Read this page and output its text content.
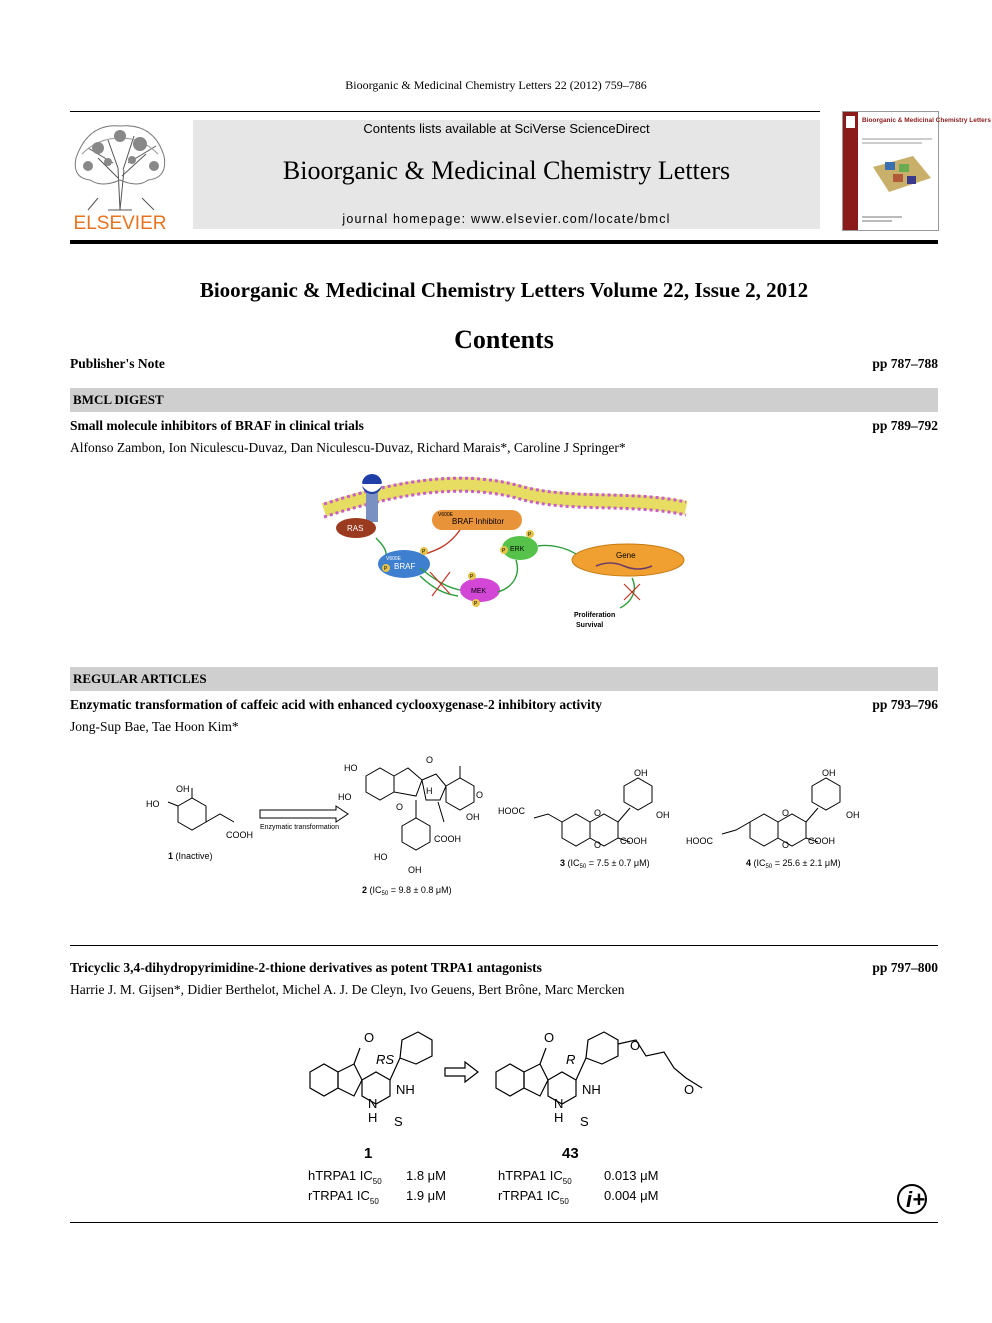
Bioorganic & Medicinal Chemistry Letters 22 (2012) 759–786
ELSEVIER
Contents lists available at SciVerse ScienceDirect
Bioorganic & Medicinal Chemistry Letters
journal homepage: www.elsevier.com/locate/bmcl
Bioorganic & Medicinal Chemistry Letters
Bioorganic & Medicinal Chemistry Letters Volume 22, Issue 2, 2012
Contents
Publisher's Note	pp 787–788
BMCL DIGEST
Small molecule inhibitors of BRAF in clinical trials	pp 789–792
Alfonso Zambon, Ion Niculescu-Duvaz, Dan Niculescu-Duvaz, Richard Marais*, Caroline J Springer*
RAS
V600E
BRAF Inhibitor
V600E
BRAF
P
P
MEK
P
P
ERK
P
P	Gene
Proliferation
Survival
REGULAR ARTICLES
Enzymatic transformation of caffeic acid with enhanced cyclooxygenase-2 inhibitory activity	pp 793–796
Jong-Sup Bae, Tae Hoon Kim*
OH
HO
COOH
Enzymatic transformation
1 (Inactive)
HO
HO
O
O
O
H
OH
COOH
HO
OH
2 ($IC_{50} = 9.8 \pm 0.8$ μM)
OH
OH
HOOC
COOH
O
O
3 ($IC_{50} = 7.5 \pm 0.7$ μM)
OH
OH
HOOC	COOH
O
O
4 ($IC_{50} = 25.6 \pm 2.1$ μM)
Tricyclic 3,4-dihydropyrimidine-2-thione derivatives as potent TRPA1 antagonists	pp 797–800
Harrie J. M. Gijsen*, Didier Berthelot, Michel A. J. De Cleyn, Ivo Geuens, Bert Brône, Marc Mercken
O
RS
NH
N
H S
O
R
NH
N
H S
O
O
1	43
hTRPA1 $IC_{50}$ 1.8 μM
rTRPA1 $IC_{50}$ 1.9 μM
hTRPA1 $IC_{50}$ 0.013 μM
rTRPA1 $IC_{50}$	0.004 μM	i+
